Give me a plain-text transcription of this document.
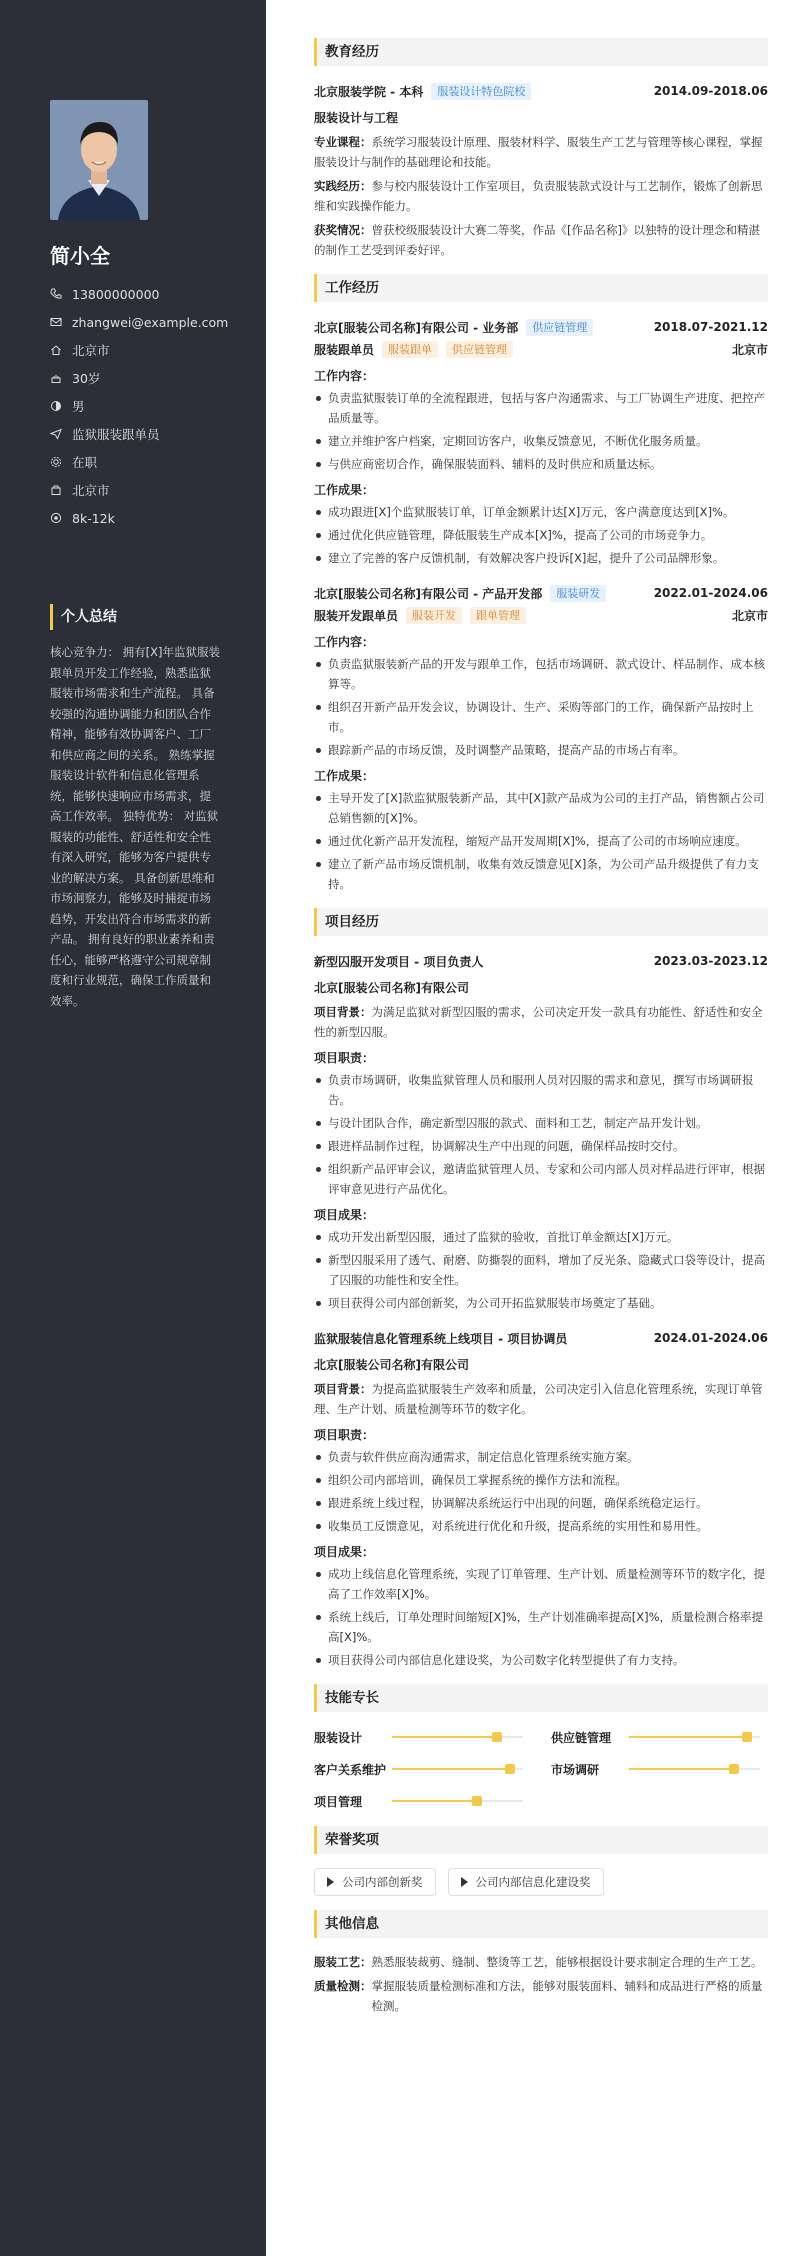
简小全
13800000000
zhangwei@example.com
北京市
30岁
男
监狱服装跟单员
在职
北京市
8k-12k
个人总结
核心竞争力： 拥有[X]年监狱服装跟单员开发工作经验，熟悉监狱服装市场需求和生产流程。 具备较强的沟通协调能力和团队合作精神，能够有效协调客户、工厂和供应商之间的关系。 熟练掌握服装设计软件和信息化管理系统，能够快速响应市场需求，提高工作效率。 独特优势： 对监狱服装的功能性、舒适性和安全性有深入研究，能够为客户提供专业的解决方案。 具备创新思维和市场洞察力，能够及时捕捉市场趋势，开发出符合市场需求的新产品。 拥有良好的职业素养和责任心，能够严格遵守公司规章制度和行业规范，确保工作质量和效率。
教育经历
北京服装学院 - 本科	服装设计特色院校	2014.09-2018.06
服装设计与工程

专业课程：系统学习服装设计原理、服装材料学、服装生产工艺与管理等核心课程，掌握服装设计与制作的基础理论和技能。

实践经历：参与校内服装设计工作室项目，负责服装款式设计与工艺制作，锻炼了创新思维和实践操作能力。

获奖情况：曾获校级服装设计大赛二等奖，作品《[作品名称]》以独特的设计理念和精湛的制作工艺受到评委好评。

工作经历
北京[服装公司名称]有限公司 - 业务部	供应链管理	2018.07-2021.12
服装跟单员	服装跟单	供应链管理	北京市
工作内容：
负责监狱服装订单的全流程跟进，包括与客户沟通需求、与工厂协调生产进度、把控产品质量等。
建立并维护客户档案，定期回访客户，收集反馈意见，不断优化服务质量。
与供应商密切合作，确保服装面料、辅料的及时供应和质量达标。
工作成果：
成功跟进[X]个监狱服装订单，订单金额累计达[X]万元，客户满意度达到[X]%。
通过优化供应链管理，降低服装生产成本[X]%，提高了公司的市场竞争力。
建立了完善的客户反馈机制，有效解决客户投诉[X]起，提升了公司品牌形象。
北京[服装公司名称]有限公司 - 产品开发部	服装研发	2022.01-2024.06
服装开发跟单员	服装开发	跟单管理	北京市
工作内容：
负责监狱服装新产品的开发与跟单工作，包括市场调研、款式设计、样品制作、成本核算等。
组织召开新产品开发会议，协调设计、生产、采购等部门的工作，确保新产品按时上市。
跟踪新产品的市场反馈，及时调整产品策略，提高产品的市场占有率。
工作成果：
主导开发了[X]款监狱服装新产品，其中[X]款产品成为公司的主打产品，销售额占公司总销售额的[X]%。
通过优化新产品开发流程，缩短产品开发周期[X]%，提高了公司的市场响应速度。
建立了新产品市场反馈机制，收集有效反馈意见[X]条，为公司产品升级提供了有力支持。
项目经历
新型囚服开发项目 - 项目负责人	2023.03-2023.12
北京[服装公司名称]有限公司

项目背景：为满足监狱对新型囚服的需求，公司决定开发一款具有功能性、舒适性和安全性的新型囚服。

项目职责：
负责市场调研，收集监狱管理人员和服刑人员对囚服的需求和意见，撰写市场调研报告。
与设计团队合作，确定新型囚服的款式、面料和工艺，制定产品开发计划。
跟进样品制作过程，协调解决生产中出现的问题，确保样品按时交付。
组织新产品评审会议，邀请监狱管理人员、专家和公司内部人员对样品进行评审，根据评审意见进行产品优化。
项目成果：
成功开发出新型囚服，通过了监狱的验收，首批订单金额达[X]万元。
新型囚服采用了透气、耐磨、防撕裂的面料，增加了反光条、隐藏式口袋等设计，提高了囚服的功能性和安全性。
项目获得公司内部创新奖，为公司开拓监狱服装市场奠定了基础。
监狱服装信息化管理系统上线项目 - 项目协调员	2024.01-2024.06
北京[服装公司名称]有限公司

项目背景：为提高监狱服装生产效率和质量，公司决定引入信息化管理系统，实现订单管理、生产计划、质量检测等环节的数字化。

项目职责：
负责与软件供应商沟通需求，制定信息化管理系统实施方案。
组织公司内部培训，确保员工掌握系统的操作方法和流程。
跟进系统上线过程，协调解决系统运行中出现的问题，确保系统稳定运行。
收集员工反馈意见，对系统进行优化和升级，提高系统的实用性和易用性。
项目成果：
成功上线信息化管理系统，实现了订单管理、生产计划、质量检测等环节的数字化，提高了工作效率[X]%。
系统上线后，订单处理时间缩短[X]%，生产计划准确率提高[X]%，质量检测合格率提高[X]%。
项目获得公司内部信息化建设奖，为公司数字化转型提供了有力支持。
技能专长
服装设计	供应链管理
客户关系维护	市场调研
项目管理
荣誉奖项
公司内部创新奖	公司内部信息化建设奖
其他信息
服装工艺： 熟悉服装裁剪、缝制、整烫等工艺，能够根据设计要求制定合理的生产工艺。
质量检测： 掌握服装质量检测标准和方法，能够对服装面料、辅料和成品进行严格的质量检测。
